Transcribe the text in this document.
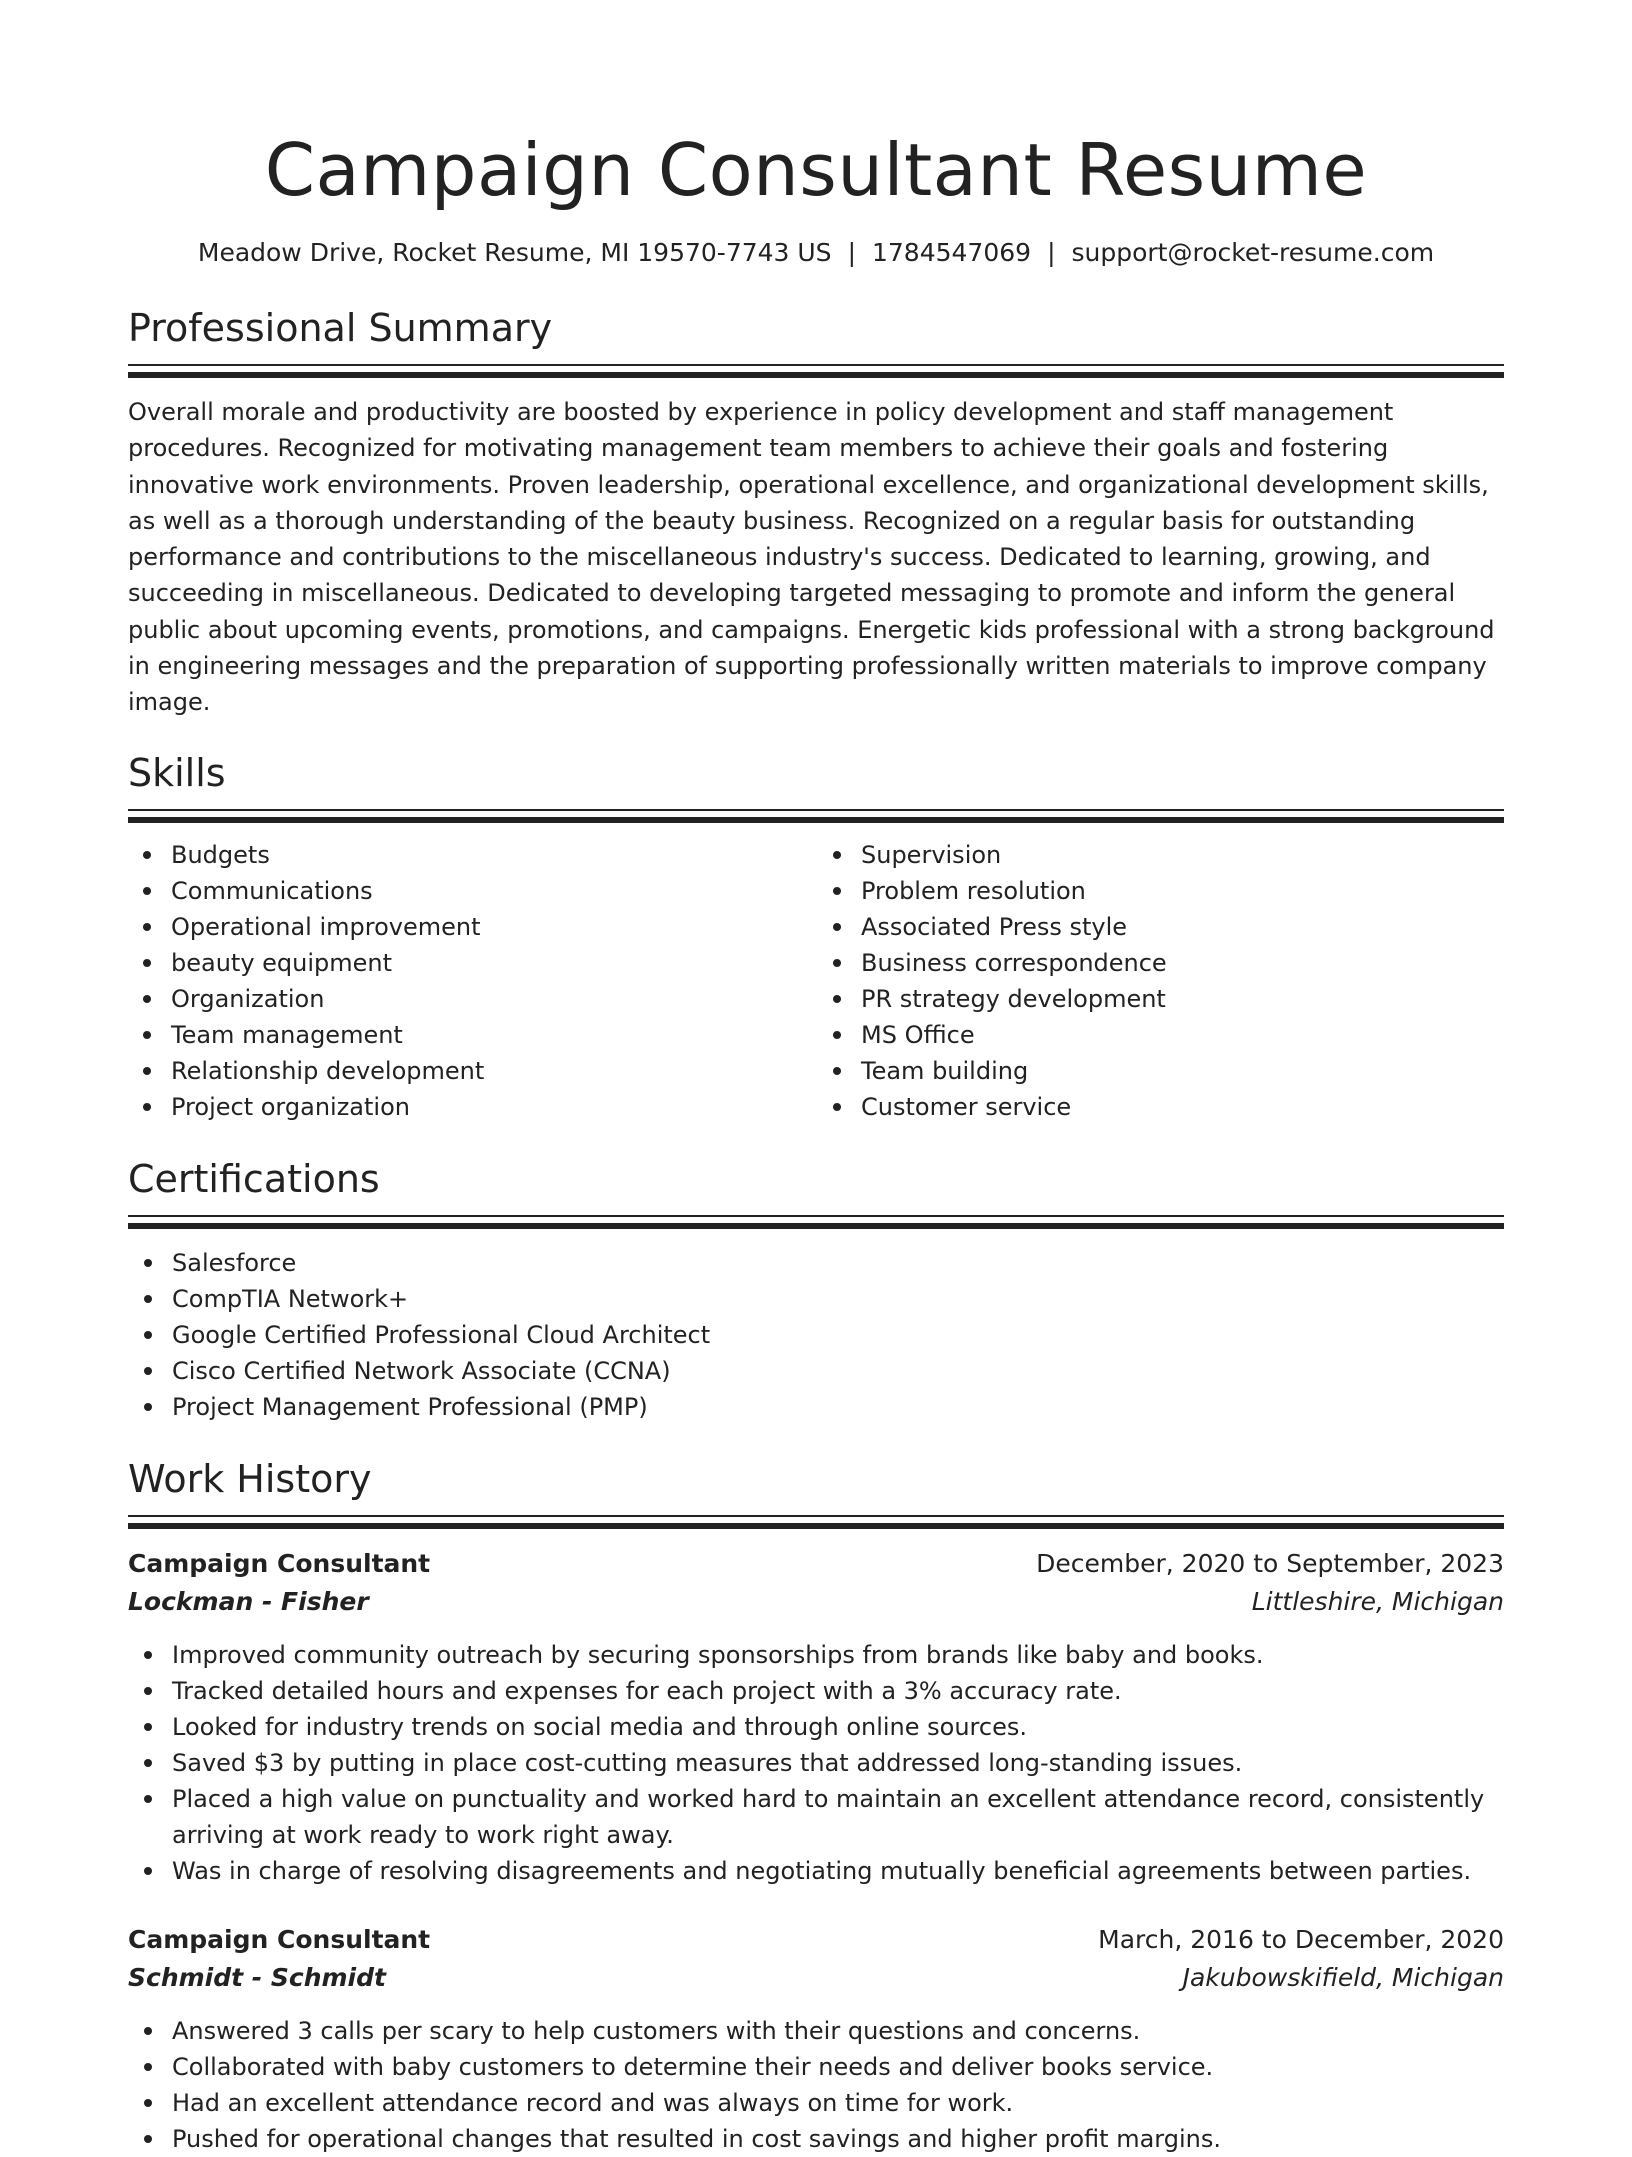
Campaign Consultant Resume
Meadow Drive, Rocket Resume, MI 19570-7743 US | 1784547069 | support@rocket-resume.com
Professional Summary

Overall morale and productivity are boosted by experience in policy development and staff management procedures. Recognized for motivating management team members to achieve their goals and fostering innovative work environments. Proven leadership, operational excellence, and organizational development skills, as well as a thorough understanding of the beauty business. Recognized on a regular basis for outstanding performance and contributions to the miscellaneous industry's success. Dedicated to learning, growing, and succeeding in miscellaneous. Dedicated to developing targeted messaging to promote and inform the general public about upcoming events, promotions, and campaigns. Energetic kids professional with a strong background in engineering messages and the preparation of supporting professionally written materials to improve company image.

Skills
Budgets
Communications
Operational improvement
beauty equipment
Organization
Team management
Relationship development
Project organization
Supervision
Problem resolution
Associated Press style
Business correspondence
PR strategy development
MS Office
Team building
Customer service
Certifications
Salesforce
CompTIA Network+
Google Certified Professional Cloud Architect
Cisco Certified Network Associate (CCNA)
Project Management Professional (PMP)
Work History
Campaign Consultant	December, 2020 to September, 2023
Lockman - Fisher	Littleshire, Michigan
Improved community outreach by securing sponsorships from brands like baby and books.
Tracked detailed hours and expenses for each project with a 3% accuracy rate.
Looked for industry trends on social media and through online sources.
Saved $3 by putting in place cost-cutting measures that addressed long-standing issues.
Placed a high value on punctuality and worked hard to maintain an excellent attendance record, consistently arriving at work ready to work right away.
Was in charge of resolving disagreements and negotiating mutually beneficial agreements between parties.
Campaign Consultant	March, 2016 to December, 2020
Schmidt - Schmidt	Jakubowskifield, Michigan
Answered 3 calls per scary to help customers with their questions and concerns.
Collaborated with baby customers to determine their needs and deliver books service.
Had an excellent attendance record and was always on time for work.
Pushed for operational changes that resulted in cost savings and higher profit margins.
